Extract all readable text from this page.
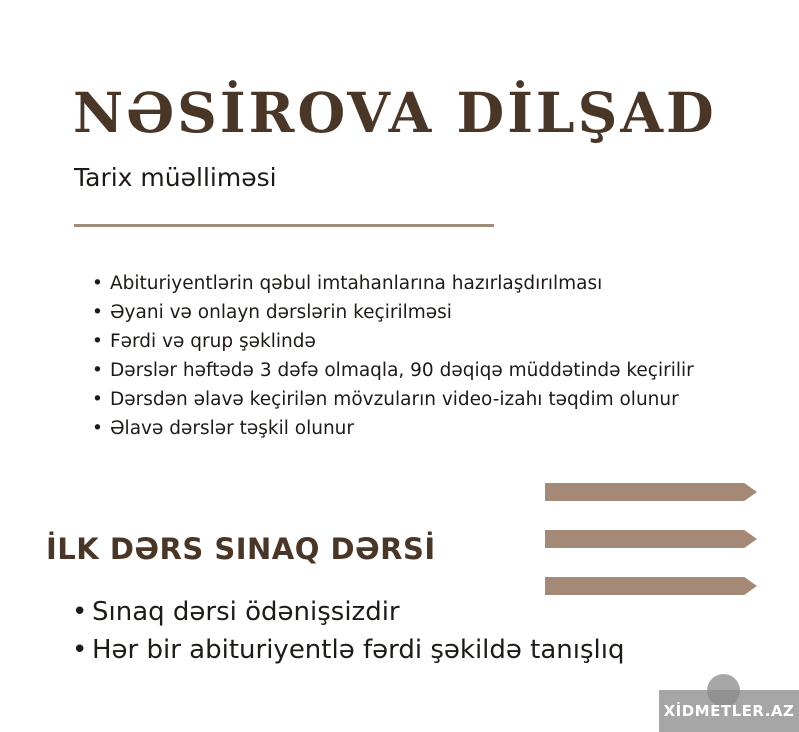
NƏSİROVA DİLŞAD

Tarix müəllimәsi

• Abituriyentlərin qəbul imtahanlarına hazırlaşdırılması
• Əyani və onlayn dərslərin keçirilməsi
• Fərdi və qrup şəklində
• Dərslər həftədə 3 dəfə olmaqla, 90 dəqiqə müddətində keçirilir
• Dərsdən əlavə keçirilən mövzuların video-izahı təqdim olunur
• Əlavə dərslər təşkil olunur
İLK DƏRS SINAQ DƏRSİ
• Sınaq dərsi ödənişsizdir
• Hər bir abituriyentlə fərdi şəkildə tanışlıq
XİDMETLER.AZ
